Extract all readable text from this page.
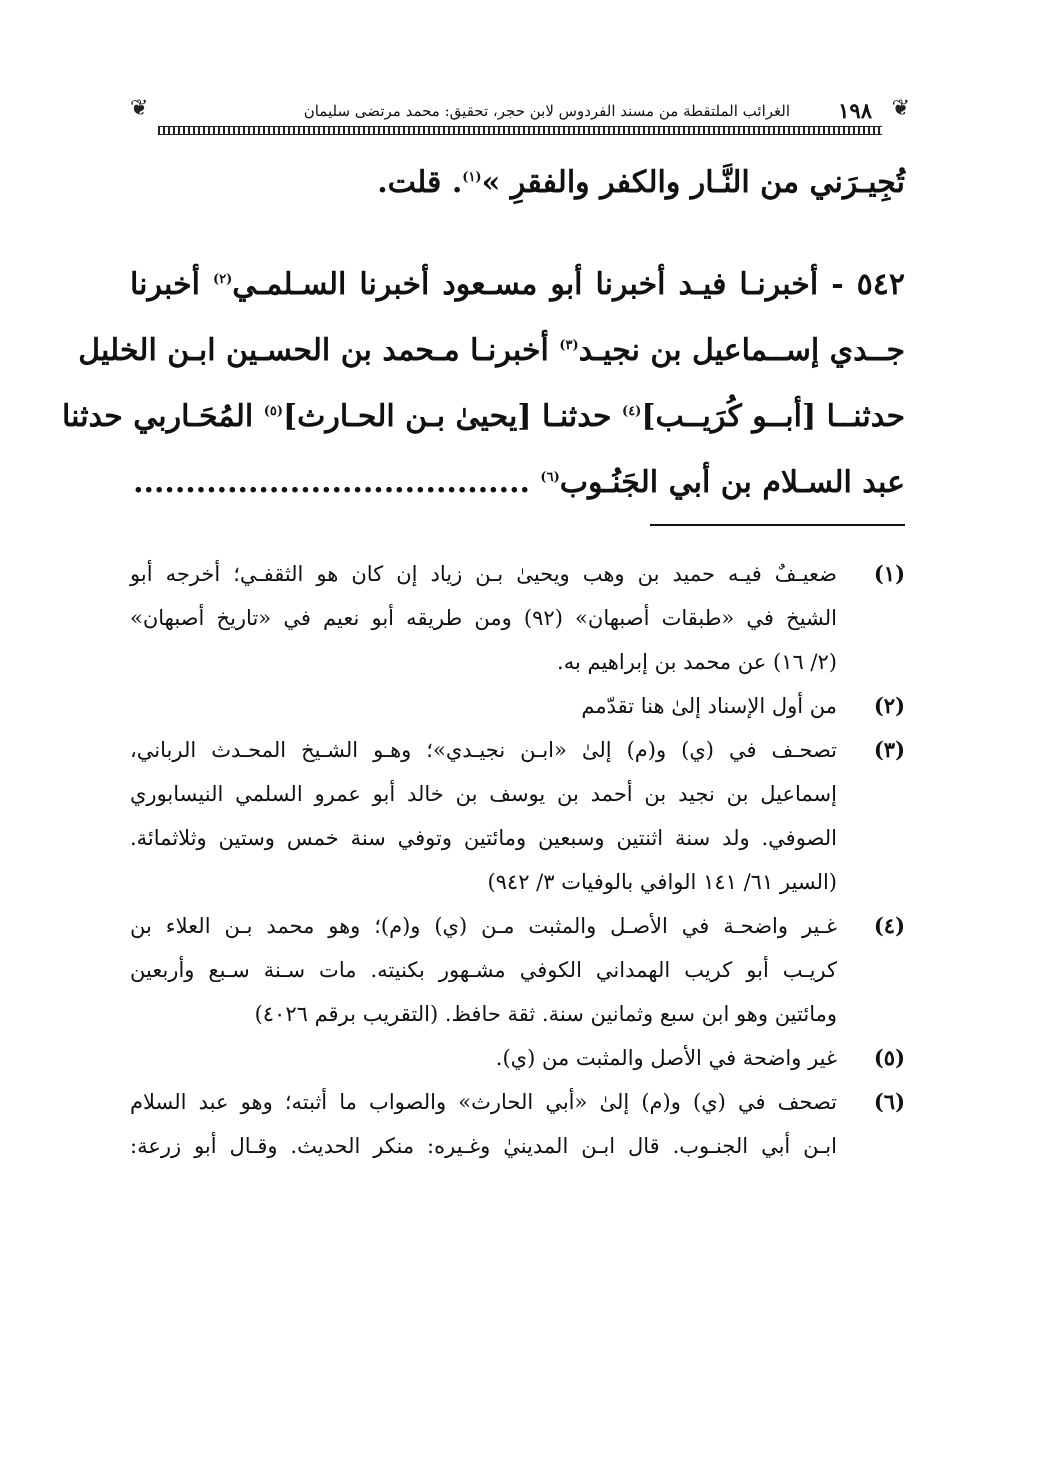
❦	❦
١٩٨
الغرائب الملتقطة من مسند الفردوس لابن حجر، تحقيق: محمد مرتضى سليمان
تُجِيـرَني من النَّـار والكفر والفقرِ »$^{(١)}$. قلت.
٥٤٢ - أخبرنـا فيـد أخبرنا أبو مسـعود أخبرنا السـلمـي$^{(٢)}$ أخبرنا
جــدي إســماعيل بن نجيـد$^{(٣)}$ أخبرنـا مـحمد بن الحسـين ابـن الخليل
حدثنــا [أبــو كُرَيــب]$^{(٤)}$ حدثنـا [يحيىٰ بـن الحـارث]$^{(٥)}$ المُحَـاربي حدثنا
عبد السـلام بن أبي الجَنُـوب$^{(٦)}$ ......................................
(١)
ضعيـفٌ فيـه حميد بن وهب ويحيىٰ بـن زياد إن كان هو الثقفـي؛ أخرجه أبو
الشيخ في «طبقات أصبهان» (٩٢) ومن طريقه أبو نعيم في «تاريخ أصبهان»
(٢/ ١٦) عن محمد بن إبراهيم به.
(٢)
من أول الإسناد إلىٰ هنا تقدّمم
(٣)
تصحـف في (ي) و(م) إلىٰ «ابـن نجيـدي»؛ وهـو الشـيخ المحـدث الرباني،
إسماعيل بن نجيد بن أحمد بن يوسف بن خالد أبو عمرو السلمي النيسابوري
الصوفي. ولد سنة اثنتين وسبعين ومائتين وتوفي سنة خمس وستين وثلاثمائة.
(السير ٦١/ ١٤١ الوافي بالوفيات ٣/ ٩٤٢)
(٤)
غـير واضحـة في الأصـل والمثبت مـن (ي) و(م)؛ وهو محمد بـن العلاء بن
كريـب أبو كريب الهمداني الكوفي مشـهور بكنيته. مات سـنة سـبع وأربعين
ومائتين وهو ابن سبع وثمانين سنة. ثقة حافظ. (التقريب برقم ٤٠٢٦)
(٥)
غير واضحة في الأصل والمثبت من (ي).
(٦)
تصحف في (ي) و(م) إلىٰ «أبي الحارث» والصواب ما أثبته؛ وهو عبد السلام
ابـن أبي الجنـوب. قال ابـن المدينيٰ وغـيره: منكر الحديث. وقـال أبو زرعة:
